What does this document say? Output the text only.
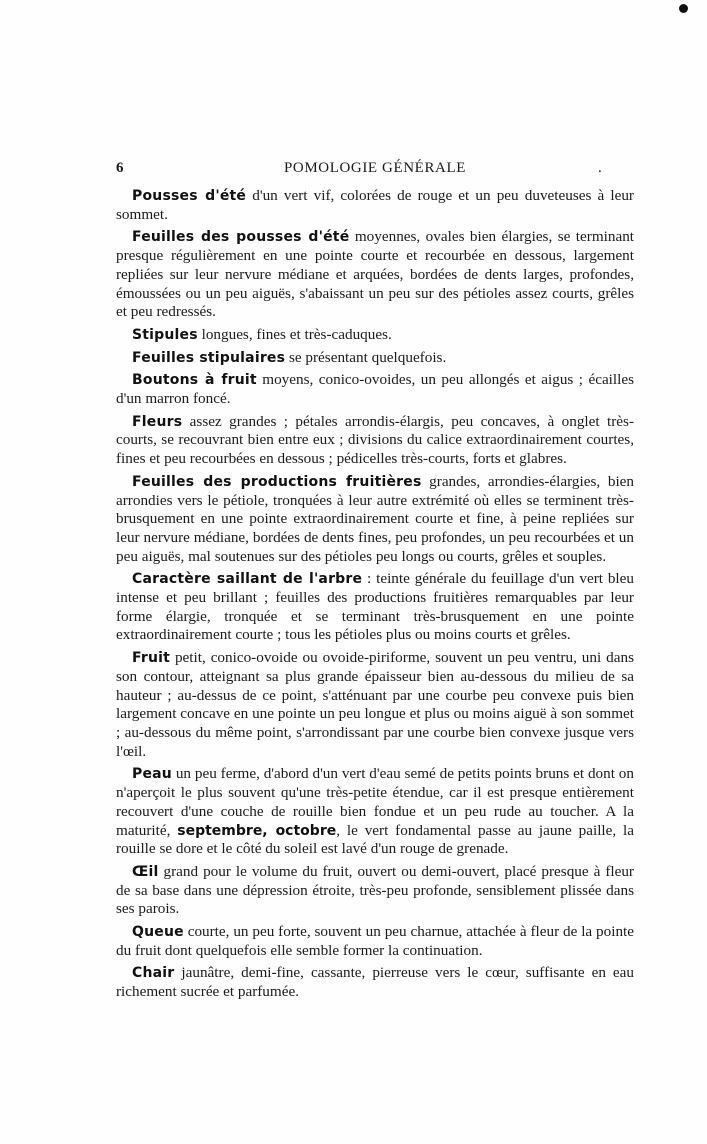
6	POMOLOGIE GÉNÉRALE	.

Pousses d'été d'un vert vif, colorées de rouge et un peu duveteuses à leur sommet.

Feuilles des pousses d'été moyennes, ovales bien élargies, se terminant presque régulièrement en une pointe courte et recourbée en dessous, largement repliées sur leur nervure médiane et arquées, bordées de dents larges, profondes, émoussées ou un peu aiguës, s'abaissant un peu sur des pétioles assez courts, grêles et peu redressés.

Stipules longues, fines et très-caduques.

Feuilles stipulaires se présentant quelquefois.

Boutons à fruit moyens, conico-ovoides, un peu allongés et aigus ; écailles d'un marron foncé.

Fleurs assez grandes ; pétales arrondis-élargis, peu concaves, à onglet très-courts, se recouvrant bien entre eux ; divisions du calice extraordinairement courtes, fines et peu recourbées en dessous ; pédicelles très-courts, forts et glabres.

Feuilles des productions fruitières grandes, arrondies-élargies, bien arrondies vers le pétiole, tronquées à leur autre extrémité où elles se terminent très-brusquement en une pointe extraordinairement courte et fine, à peine repliées sur leur nervure médiane, bordées de dents fines, peu profondes, un peu recourbées et un peu aiguës, mal soutenues sur des pétioles peu longs ou courts, grêles et souples.

Caractère saillant de l'arbre : teinte générale du feuillage d'un vert bleu intense et peu brillant ; feuilles des productions fruitières remarquables par leur forme élargie, tronquée et se terminant très-brusquement en une pointe extraordinairement courte ; tous les pétioles plus ou moins courts et grêles.

Fruit petit, conico-ovoide ou ovoide-piriforme, souvent un peu ventru, uni dans son contour, atteignant sa plus grande épaisseur bien au-dessous du milieu de sa hauteur ; au-dessus de ce point, s'atténuant par une courbe peu convexe puis bien largement concave en une pointe un peu longue et plus ou moins aiguë à son sommet ; au-dessous du même point, s'arrondissant par une courbe bien convexe jusque vers l'œil.

Peau un peu ferme, d'abord d'un vert d'eau semé de petits points bruns et dont on n'aperçoit le plus souvent qu'une très-petite étendue, car il est presque entièrement recouvert d'une couche de rouille bien fondue et un peu rude au toucher. A la maturité, septembre, octobre, le vert fondamental passe au jaune paille, la rouille se dore et le côté du soleil est lavé d'un rouge de grenade.

Œil grand pour le volume du fruit, ouvert ou demi-ouvert, placé presque à fleur de sa base dans une dépression étroite, très-peu profonde, sensiblement plissée dans ses parois.

Queue courte, un peu forte, souvent un peu charnue, attachée à fleur de la pointe du fruit dont quelquefois elle semble former la continuation.

Chair jaunâtre, demi-fine, cassante, pierreuse vers le cœur, suffisante en eau richement sucrée et parfumée.
